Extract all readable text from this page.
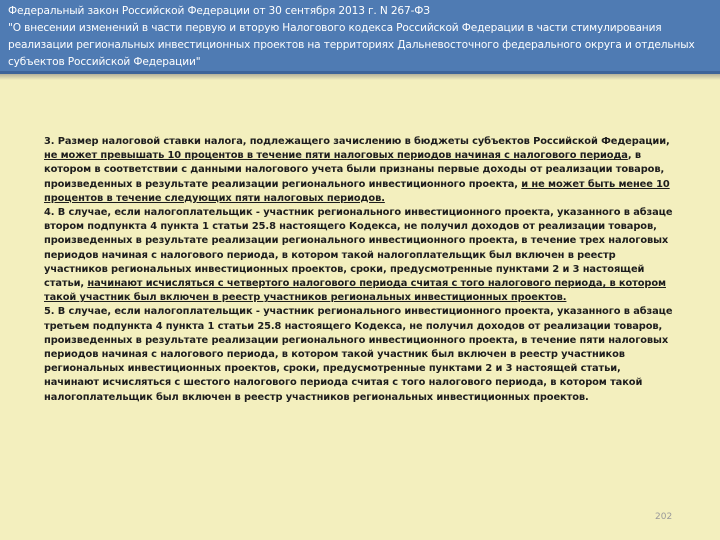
Федеральный закон Российской Федерации от 30 сентября 2013 г. N 267-ФЗ
"О внесении изменений в части первую и вторую Налогового кодекса Российской Федерации в части стимулирования реализации региональных инвестиционных проектов на территориях Дальневосточного федерального округа и отдельных субъектов Российской Федерации"

3. Размер налоговой ставки налога, подлежащего зачислению в бюджеты субъектов Российской Федерации, не может превышать 10 процентов в течение пяти налоговых периодов начиная с налогового периода, в котором в соответствии с данными налогового учета были признаны первые доходы от реализации товаров, произведенных в результате реализации регионального инвестиционного проекта, и не может быть менее 10 процентов в течение следующих пяти налоговых периодов.

4. В случае, если налогоплательщик - участник регионального инвестиционного проекта, указанного в абзаце втором подпункта 4 пункта 1 статьи 25.8 настоящего Кодекса, не получил доходов от реализации товаров, произведенных в результате реализации регионального инвестиционного проекта, в течение трех налоговых периодов начиная с налогового периода, в котором такой налогоплательщик был включен в реестр участников региональных инвестиционных проектов, сроки, предусмотренные пунктами 2 и 3 настоящей статьи, начинают исчисляться с четвертого налогового периода считая с того налогового периода, в котором такой участник был включен в реестр участников региональных инвестиционных проектов.

5. В случае, если налогоплательщик - участник регионального инвестиционного проекта, указанного в абзаце третьем подпункта 4 пункта 1 статьи 25.8 настоящего Кодекса, не получил доходов от реализации товаров, произведенных в результате реализации регионального инвестиционного проекта, в течение пяти налоговых периодов начиная с налогового периода, в котором такой участник был включен в реестр участников региональных инвестиционных проектов, сроки, предусмотренные пунктами 2 и 3 настоящей статьи, начинают исчисляться с шестого налогового периода считая с того налогового периода, в котором такой налогоплательщик был включен в реестр участников региональных инвестиционных проектов.

202
